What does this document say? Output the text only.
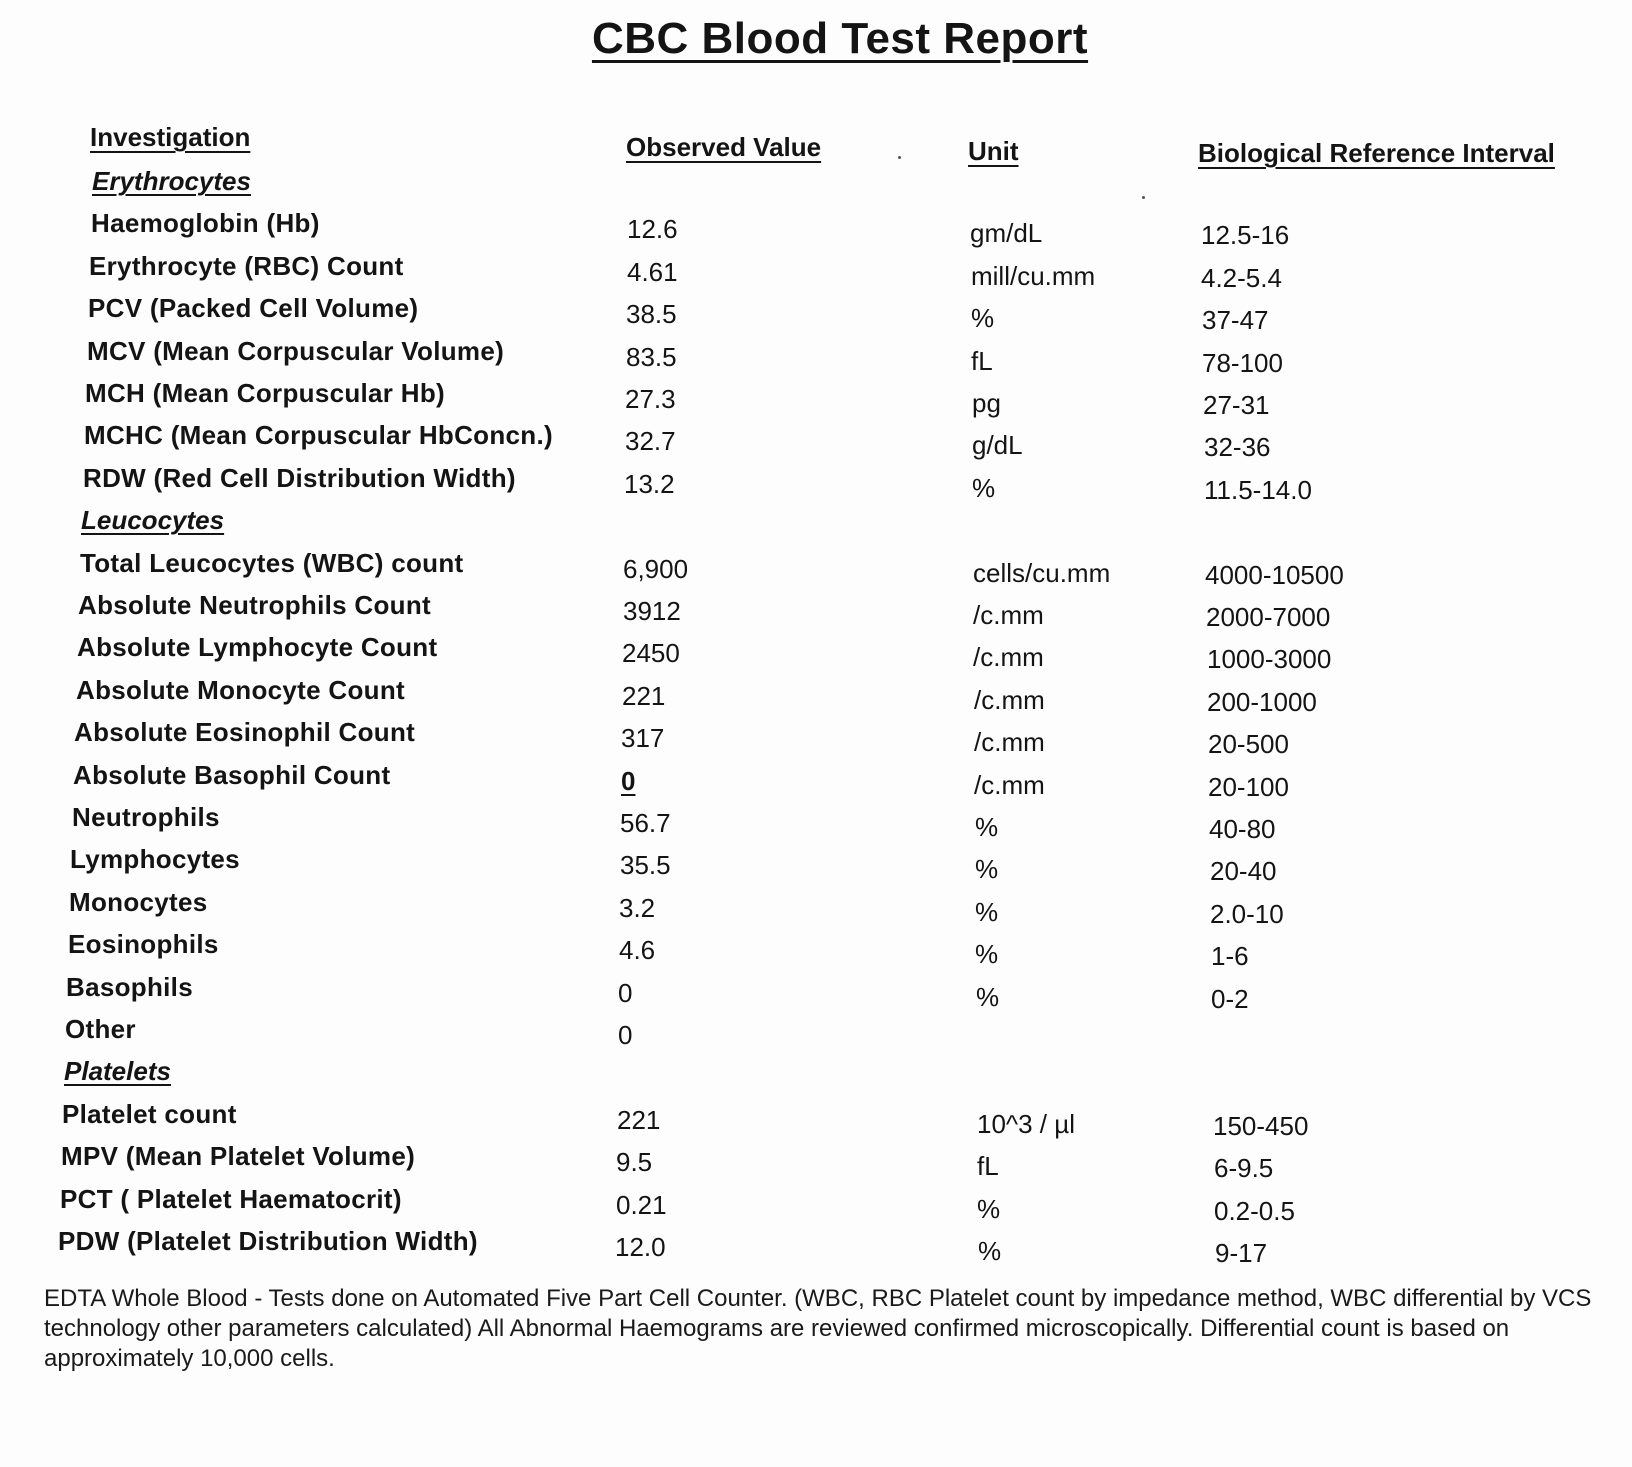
CBC Blood Test Report
Investigation	Observed Value	Unit	Biological Reference Interval
Erythrocytes
Haemoglobin (Hb)	12.6	gm/dL	12.5-16
Erythrocyte (RBC) Count	4.61	mill/cu.mm	4.2-5.4
PCV (Packed Cell Volume)	38.5	%	37-47
MCV (Mean Corpuscular Volume)	83.5	fL	78-100
MCH (Mean Corpuscular Hb)	27.3	pg	27-31
MCHC (Mean Corpuscular HbConcn.)	32.7	g/dL	32-36
RDW (Red Cell Distribution Width)	13.2	%	11.5-14.0
Leucocytes
Total Leucocytes (WBC) count	6,900	cells/cu.mm	4000-10500
Absolute Neutrophils Count	3912	/c.mm	2000-7000
Absolute Lymphocyte Count	2450	/c.mm	1000-3000
Absolute Monocyte Count	221	/c.mm	200-1000
Absolute Eosinophil Count	317	/c.mm	20-500
Absolute Basophil Count	0	/c.mm	20-100
Neutrophils	56.7	%	40-80
Lymphocytes	35.5	%	20-40
Monocytes	3.2	%	2.0-10
Eosinophils	4.6	%	1-6
Basophils	0	%	0-2
Other	0
Platelets
Platelet count	221	10^3 / µl	150-450
MPV (Mean Platelet Volume)	9.5	fL	6-9.5
PCT ( Platelet Haematocrit)	0.21	%	0.2-0.5
PDW (Platelet Distribution Width)	12.0	%	9-17
EDTA Whole Blood - Tests done on Automated Five Part Cell Counter. (WBC, RBC Platelet count by impedance method, WBC differential by VCS technology other parameters calculated) All Abnormal Haemograms are reviewed confirmed microscopically. Differential count is based on approximately 10,000 cells.
